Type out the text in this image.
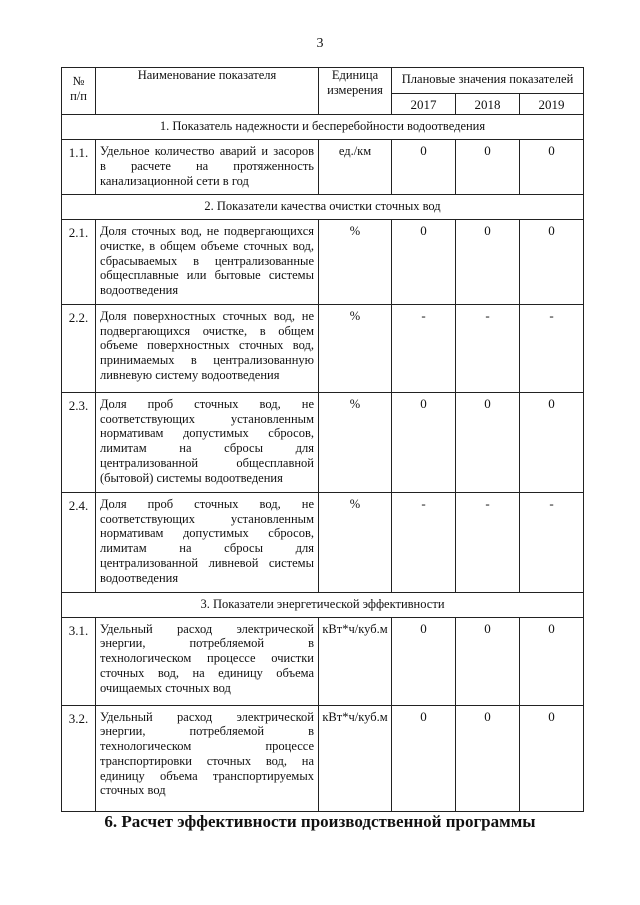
3
№
п/п	Наименование показателя	Единица измерения	Плановые значения показателей		
			2017	2018	2019
1. Показатель надежности и бесперебойности водоотведения					
1.1.	Удельное количество аварий и засоров в расчете на протяженность канализационной сети в год	ед./км	0	0	0
2. Показатели качества очистки сточных вод					
2.1.	Доля сточных вод, не подвергающихся очистке, в общем объеме сточных вод, сбрасываемых в централизованные общесплавные или бытовые системы водоотведения	%	0	0	0
2.2.	Доля поверхностных сточных вод, не подвергающихся очистке, в общем объеме поверхностных сточных вод, принимаемых в централизованную ливневую систему водоотведения	%	-	-	-
2.3.	Доля проб сточных вод, не соответствующих установленным нормативам допустимых сбросов, лимитам на сбросы для централизованной общесплавной (бытовой) системы водоотведения	%	0	0	0
2.4.	Доля проб сточных вод, не соответствующих установленным нормативам допустимых сбросов, лимитам на сбросы для централизованной ливневой системы водоотведения	%	-	-	-
3. Показатели энергетической эффективности					
3.1.	Удельный расход электрической энергии, потребляемой в технологическом процессе очистки сточных вод, на единицу объема очищаемых сточных вод	кВт*ч/куб.м	0	0	0
3.2.	Удельный расход электрической энергии, потребляемой в технологическом процессе транспортировки сточных вод, на единицу объема транспортируемых сточных вод	кВт*ч/куб.м	0	0	0
6. Расчет эффективности производственной программы
